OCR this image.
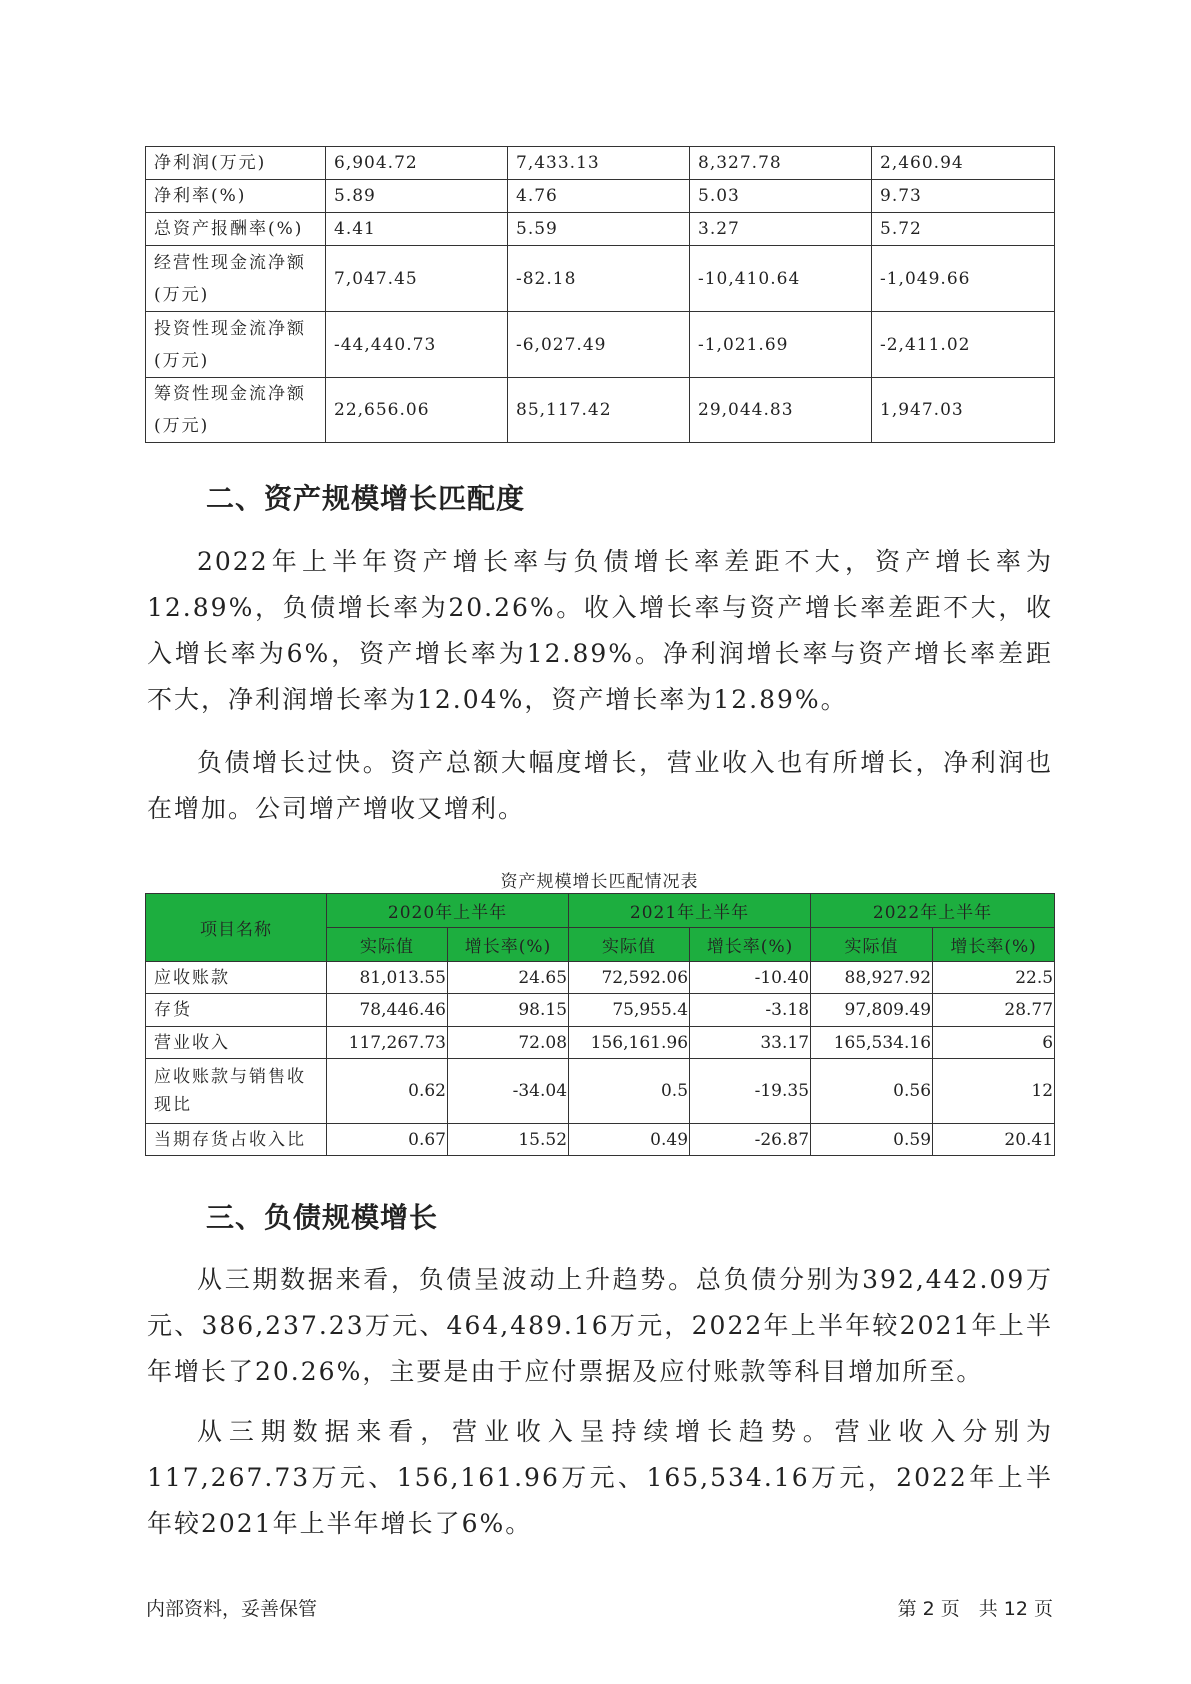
净利润(万元)	6,904.72	7,433.13	8,327.78	2,460.94
净利率(%)	5.89	4.76	5.03	9.73
总资产报酬率(%)	4.41	5.59	3.27	5.72
经营性现金流净额(万元)	7,047.45	-82.18	-10,410.64	-1,049.66
投资性现金流净额(万元)	-44,440.73	-6,027.49	-1,021.69	-2,411.02
筹资性现金流净额(万元)	22,656.06	85,117.42	29,044.83	1,947.03
二、资产规模增长匹配度

2022年上半年资产增长率与负债增长率差距不大，资产增长率为12.89%，负债增长率为20.26%。收入增长率与资产增长率差距不大，收入增长率为6%，资产增长率为12.89%。净利润增长率与资产增长率差距不大，净利润增长率为12.04%，资产增长率为12.89%。

负债增长过快。资产总额大幅度增长，营业收入也有所增长，净利润也在增加。公司增产增收又增利。

资产规模增长匹配情况表

项目名称	2020年上半年		2021年上半年		2022年上半年	
	实际值	增长率(%)	实际值	增长率(%)	实际值	增长率(%)
应收账款	81,013.55	24.65	72,592.06	-10.40	88,927.92	22.5
存货	78,446.46	98.15	75,955.4	-3.18	97,809.49	28.77
营业收入	117,267.73	72.08	156,161.96	33.17	165,534.16	6
应收账款与销售收现比	0.62	-34.04	0.5	-19.35	0.56	12
当期存货占收入比	0.67	15.52	0.49	-26.87	0.59	20.41
三、负债规模增长

从三期数据来看，负债呈波动上升趋势。总负债分别为392,442.09万元、386,237.23万元、464,489.16万元，2022年上半年较2021年上半年增长了20.26%，主要是由于应付票据及应付账款等科目增加所至。

从三期数据来看，营业收入呈持续增长趋势。营业收入分别为117,267.73万元、156,161.96万元、165,534.16万元，2022年上半年较2021年上半年增长了6%。

内部资料，妥善保管	第 2 页　共 12 页
